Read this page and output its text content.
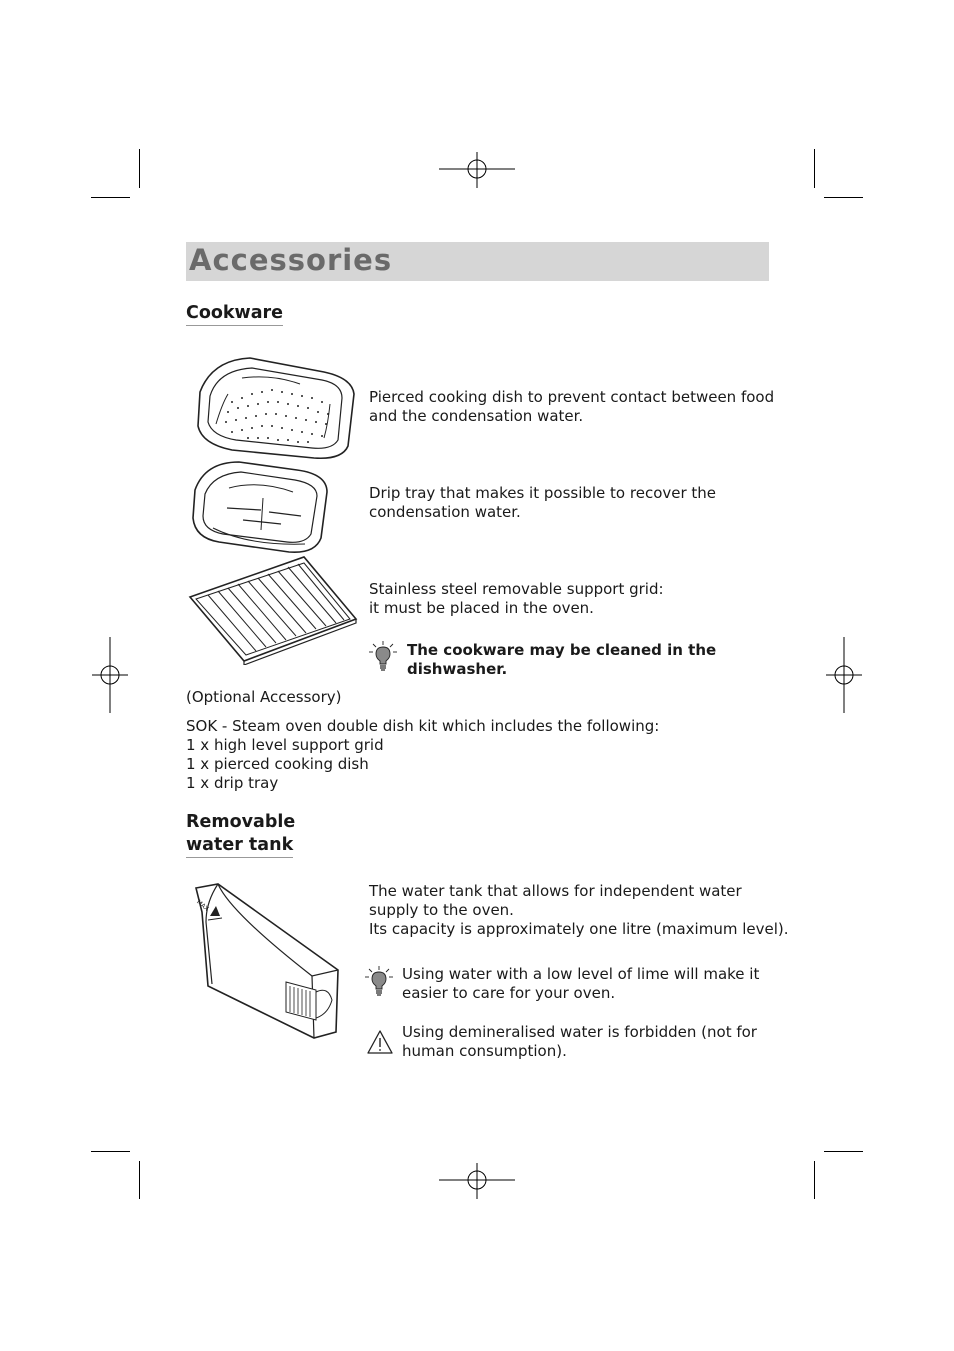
Accessories
Cookware
Pierced cooking dish to prevent contact between food
and the condensation water.
Drip tray that makes it possible to recover the
condensation water.
Stainless steel removable support grid:
it must be placed in the oven.
The cookware may be cleaned in the
dishwasher.
(Optional Accessory)
SOK - Steam oven double dish kit which includes the following:
1 x high level support grid
1 x pierced cooking dish
1 x drip tray
Removable
water tank
MAX
The water tank that allows for independent water
supply to the oven.
Its capacity is approximately one litre (maximum level).
Using water with a low level of lime will make it
easier to care for your oven.
Using demineralised water is forbidden (not for
human consumption).
